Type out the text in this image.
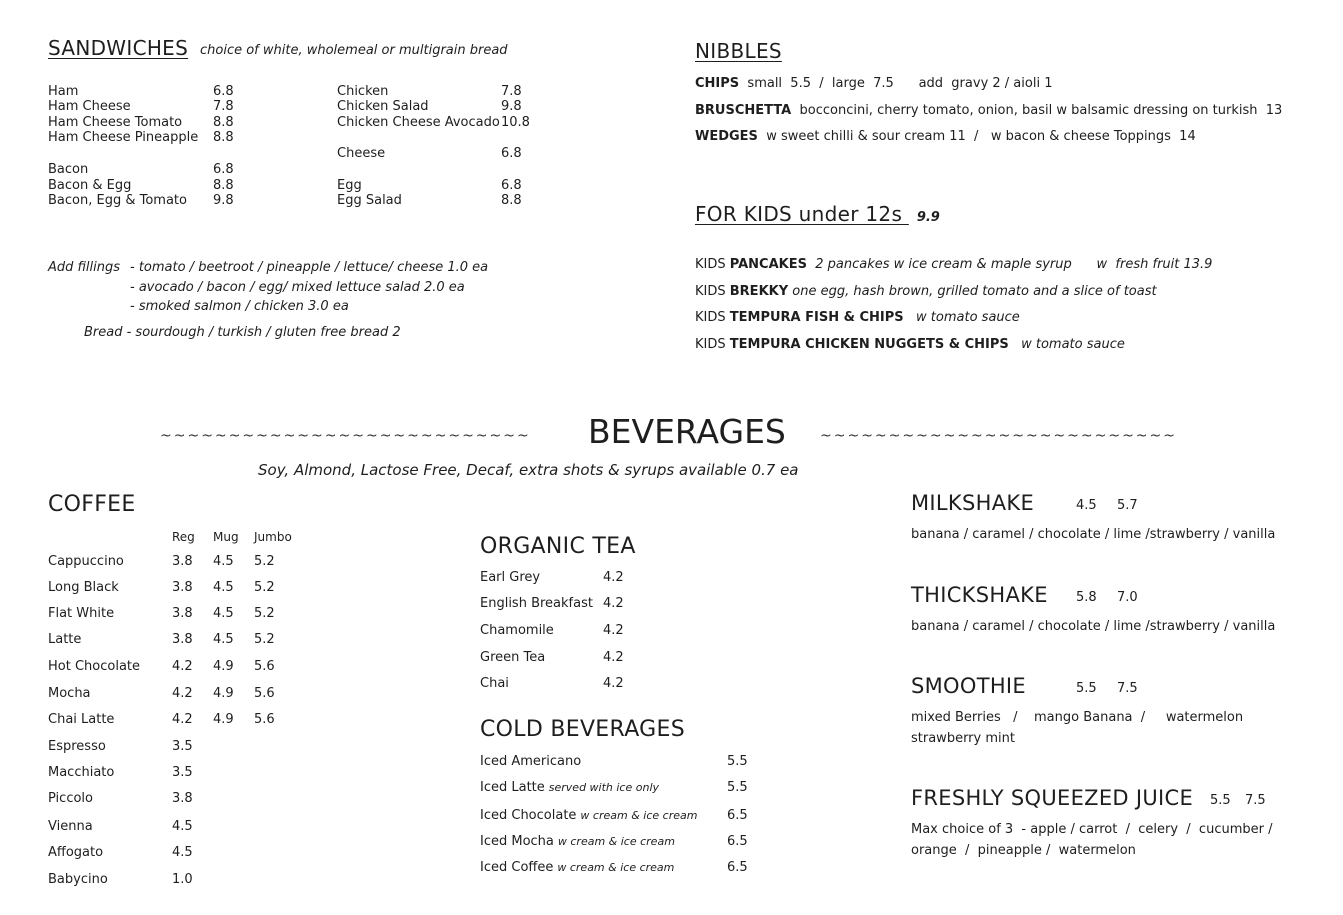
SANDWICHES choice of white, wholemeal or multigrain bread
Add fillings
Bread - sourdough / turkish / gluten free bread 2
NIBBLES
FOR KIDS under 12s 9.9
~~~~~~~~~~~~~~~~~~~~~~~~~~~ BEVERAGES ~~~~~~~~~~~~~~~~~~~~~~~~~~
Soy, Almond, Lactose Free, Decaf, extra shots & syrups available 0.7 ea
COFFEE
Reg Mug Jumbo	ORGANIC TEA
COLD BEVERAGES
Ham	6.8
Ham Cheese	7.8
Ham Cheese Tomato 8.8
Ham Cheese Pineapple 8.8
Bacon	6.8
Bacon & Egg	8.8
Bacon, Egg & Tomato 9.8
Chicken	7.8
Chicken Salad	9.8
Chicken Cheese Avocado 10.8
Cheese	6.8
Egg	6.8
Egg Salad	8.8
- tomato / beetroot / pineapple / lettuce/ cheese 1.0 ea
- avocado / bacon / egg/ mixed lettuce salad 2.0 ea
- smoked salmon / chicken 3.0 ea
CHIPS  small  5.5  /  large  7.5      add  gravy 2 / aioli 1
BRUSCHETTA  bocconcini, cherry tomato, onion, basil w balsamic dressing on turkish  13
WEDGES  w sweet chilli & sour cream 11  /   w bacon & cheese Toppings  14
KIDS PANCAKES  2 pancakes w ice cream & maple syrup      w  fresh fruit 13.9
KIDS BREKKY one egg, hash brown, grilled tomato and a slice of toast
KIDS TEMPURA FISH & CHIPS   w tomato sauce
KIDS TEMPURA CHICKEN NUGGETS & CHIPS   w tomato sauce
Cappuccino	3.8 4.5 5.2
Long Black	3.8 4.5 5.2
Flat White	3.8 4.5 5.2
Latte	3.8 4.5 5.2
Hot Chocolate 4.2 4.9 5.6
Mocha	4.2 4.9 5.6
Chai Latte	4.2 4.9 5.6
Espresso	3.5
Macchiato	3.5
Piccolo	3.8
Vienna	4.5
Affogato	4.5
Babycino	1.0
Earl Grey	4.2
English Breakfast 4.2
Chamomile	4.2
Green Tea	4.2
Chai	4.2
Iced Americano	5.5
Iced Latte served with ice only	5.5
Iced Chocolate w cream & ice cream 6.5
Iced Mocha w cream & ice cream	6.5
Iced Coffee w cream & ice cream	6.5
MILKSHAKE	4.5 5.7
banana / caramel / chocolate / lime /strawberry / vanilla
THICKSHAKE 5.8 7.0
banana / caramel / chocolate / lime /strawberry / vanilla
SMOOTHIE	5.5 7.5
mixed Berries   /    mango Banana  /     watermelon
strawberry mint
FRESHLY SQUEEZED JUICE 5.5 7.5
Max choice of 3  - apple / carrot  /  celery  /  cucumber /
orange  /  pineapple /  watermelon
